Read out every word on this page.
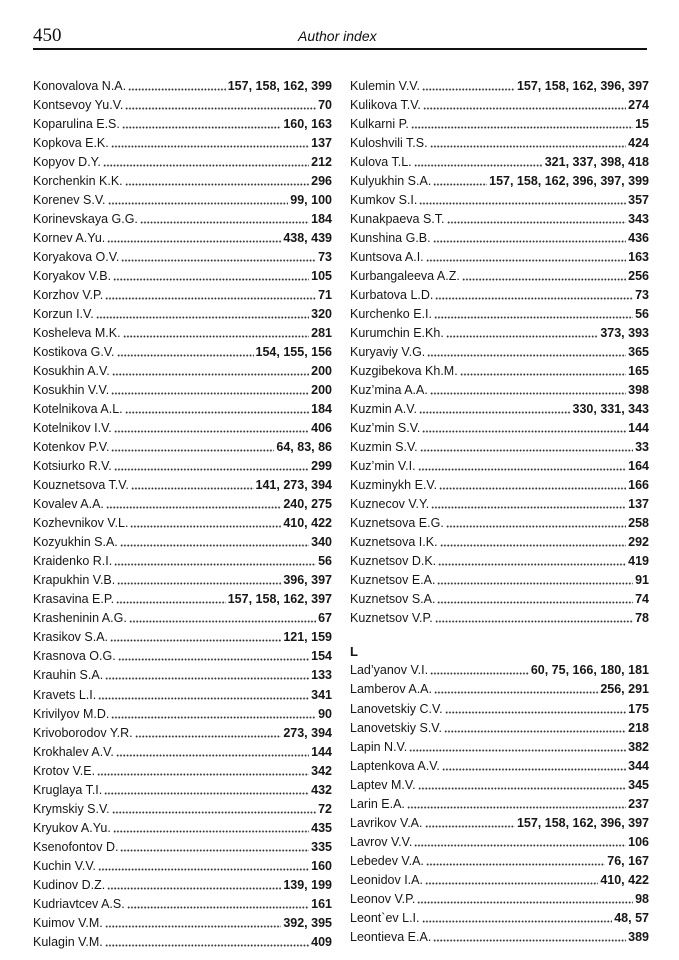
450	Author index
Konovalova N.A.	157, 158, 162, 399
Kontsevoy Yu.V.	70
Koparulina E.S.	160, 163
Kopkova E.K.	137
Kopyov D.Y.	212
Korchenkin K.K.	296
Korenev S.V.	99, 100
Korinevskaya G.G.	184
Kornev A.Yu.	438, 439
Koryakova O.V.	73
Koryakov V.B.	105
Korzhov V.P.	71
Korzun I.V.	320
Kosheleva M.K.	281
Kostikova G.V.	154, 155, 156
Kosukhin A.V.	200
Kosukhin V.V.	200
Kotelnikova A.L.	184
Kotelnikov I.V.	406
Kotenkov P.V.	64, 83, 86
Kotsiurko R.V.	299
Kouznetsova T.V.	141, 273, 394
Kovalev A.A.	240, 275
Kozhevnikov V.L.	410, 422
Kozyukhin S.A.	340
Kraidenko R.I.	56
Krapukhin V.B.	396, 397
Krasavina E.P.	157, 158, 162, 397
Krasheninin A.G.	67
Krasikov S.A.	121, 159
Krasnova O.G.	154
Krauhin S.A.	133
Kravets L.I.	341
Krivilyov M.D.	90
Krivoborodov Y.R.	273, 394
Krokhalev A.V.	144
Krotov V.E.	342
Kruglaya T.I.	432
Krymskiy S.V.	72
Kryukov A.Yu.	435
Ksenofontov D.	335
Kuchin V.V.	160
Kudinov D.Z.	139, 199
Kudriavtcev A.S.	161
Kuimov V.M.	392, 395
Kulagin V.M.	409
Kulemin V.V.	157, 158, 162, 396, 397
Kulikova T.V.	274
Kulkarni P.	15
Kuloshvili T.S.	424
Kulova T.L.	321, 337, 398, 418
Kulyukhin S.A.	157, 158, 162, 396, 397, 399
Kumkov S.I.	357
Kunakpaeva S.T.	343
Kunshina G.B.	436
Kuntsova A.I.	163
Kurbangaleeva A.Z.	256
Kurbatova L.D.	73
Kurchenko E.I.	56
Kurumchin E.Kh.	373, 393
Kuryaviy V.G.	365
Kuzgibekova Kh.M.	165
Kuz’mina A.A.	398
Kuzmin A.V.	330, 331, 343
Kuz’min S.V.	144
Kuzmin S.V.	33
Kuz’min V.I.	164
Kuzminykh E.V.	166
Kuznecov V.Y.	137
Kuznetsova E.G.	258
Kuznetsova I.K.	292
Kuznetsov D.K.	419
Kuznetsov E.A.	91
Kuznetsov S.A.	74
Kuznetsov V.P.	78
L
Lad’yanov V.I.	60, 75, 166, 180, 181
Lamberov A.A.	256, 291
Lanovetskiy C.V.	175
Lanovetskiy S.V.	218
Lapin N.V.	382
Laptenkova A.V.	344
Laptev M.V.	345
Larin E.A.	237
Lavrikov V.A.	157, 158, 162, 396, 397
Lavrov V.V.	106
Lebedev V.A.	76, 167
Leonidov I.A.	410, 422
Leonov V.P.	98
Leont`ev L.I.	48, 57
Leontieva E.A.	389
